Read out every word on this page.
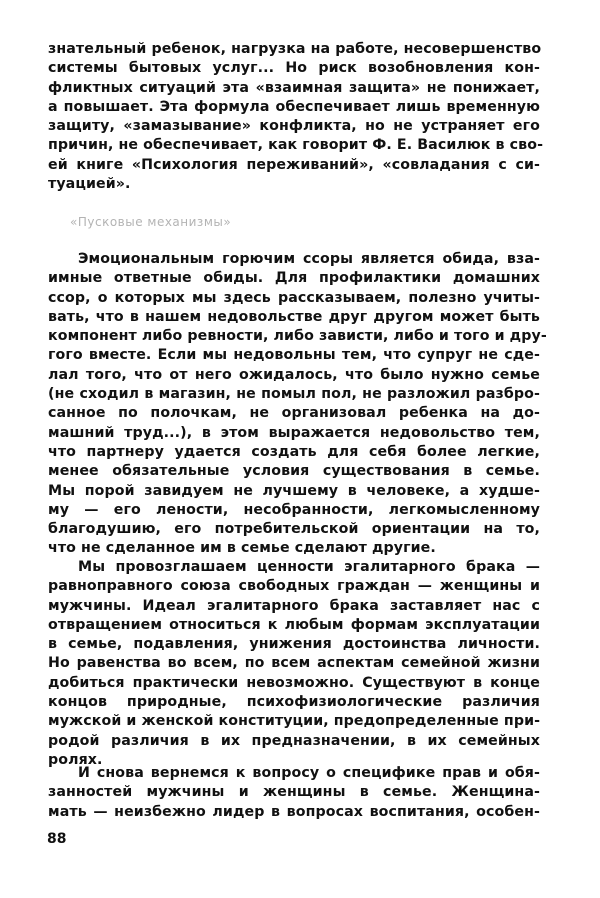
знательный ребенок, нагрузка на работе, несовершенство
системы бытовых услуг... Но риск возобновления кон-
фликтных ситуаций эта «взаимная защита» не понижает,
а повышает. Эта формула обеспечивает лишь временную
защиту, «замазывание» конфликта, но не устраняет его
причин, не обеспечивает, как говорит Ф. Е. Василюк в сво-
ей книге «Психология переживаний», «совладания с си-
туацией».
«Пусковые механизмы»
Эмоциональным горючим ссоры является обида, вза-
имные ответные обиды. Для профилактики домашних
ссор, о которых мы здесь рассказываем, полезно учиты-
вать, что в нашем недовольстве друг другом может быть
компонент либо ревности, либо зависти, либо и того и дру-
гого вместе. Если мы недовольны тем, что супруг не сде-
лал того, что от него ожидалось, что было нужно семье
(не сходил в магазин, не помыл пол, не разложил разбро-
санное по полочкам, не организовал ребенка на до-
машний труд...), в этом выражается недовольство тем,
что партнеру удается создать для себя более легкие,
менее обязательные условия существования в семье.
Мы порой завидуем не лучшему в человеке, а худше-
му — его лености, несобранности, легкомысленному
благодушию, его потребительской ориентации на то,
что не сделанное им в семье сделают другие.
Мы провозглашаем ценности эгалитарного брака —
равноправного союза свободных граждан — женщины и
мужчины. Идеал эгалитарного брака заставляет нас с
отвращением относиться к любым формам эксплуатации
в семье, подавления, унижения достоинства личности.
Но равенства во всем, по всем аспектам семейной жизни
добиться практически невозможно. Существуют в конце
концов природные, психофизиологические различия
мужской и женской конституции, предопределенные при-
родой различия в их предназначении, в их семейных
ролях.
И снова вернемся к вопросу о специфике прав и обя-
занностей мужчины и женщины в семье. Женщина-
мать — неизбежно лидер в вопросах воспитания, особен-
88
